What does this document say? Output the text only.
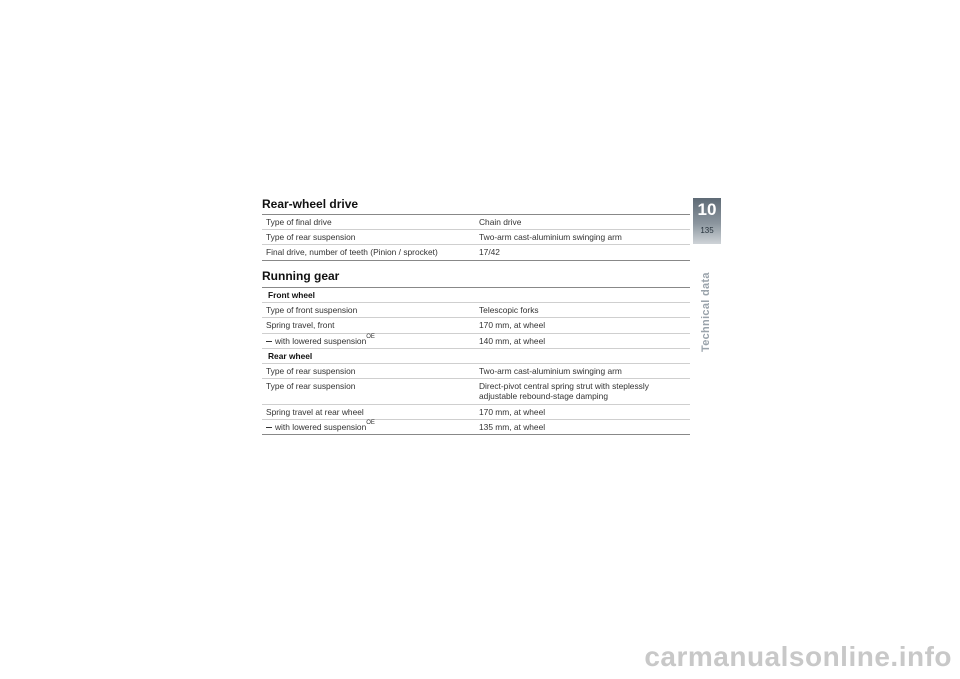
Rear-wheel drive
Type of final drive	Chain drive
Type of rear suspension	Two-arm cast-aluminium swinging arm
Final drive, number of teeth (Pinion / sprocket)	17/42
Running gear
Front wheel	
Type of front suspension	Telescopic forks
Spring travel, front	170 mm, at wheel
with lowered suspension$^{OE}$	140 mm, at wheel
Rear wheel	
Type of rear suspension	Two-arm cast-aluminium swinging arm
Type of rear suspension	Direct-pivot central spring strut with steplessly adjustable rebound-stage damping
Spring travel at rear wheel	170 mm, at wheel
with lowered suspension$^{OE}$	135 mm, at wheel
10
135
Technical data
carmanualsonline.info
